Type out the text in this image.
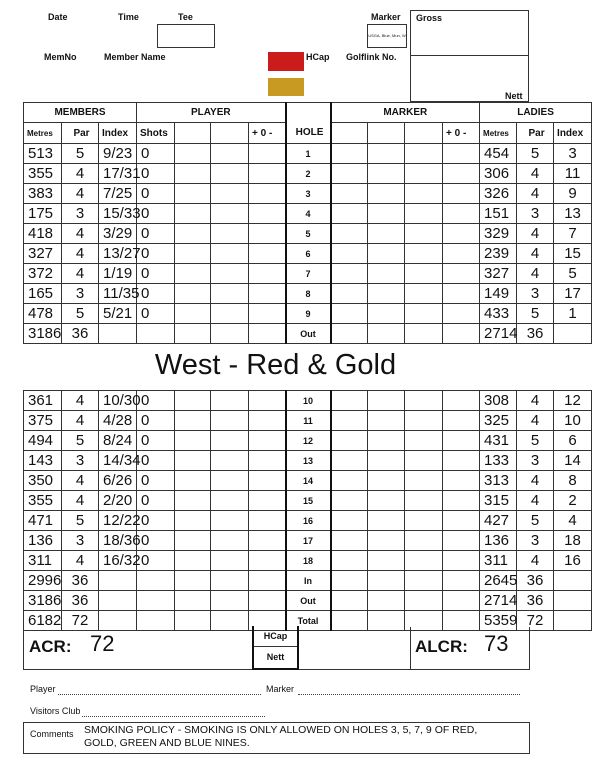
Date	Time	Tee	Marker
USGA, Blue, Mun, W
Gross
Nett
MemNo	Member Name	HCap Golflink No.
MEMBERS			PLAYER					MARKER				LADIES		
Metres	Par	Index	Shots			+ 0 -	HOLE				+ 0 -	Metres	Par	Index
513	5	9/23	0				1					454	5	3
355	4	17/31	0				2					306	4	11
383	4	7/25	0				3					326	4	9
175	3	15/33	0				4					151	3	13
418	4	3/29	0				5					329	4	7
327	4	13/27	0				6					239	4	15
372	4	1/19	0				7					327	4	5
165	3	11/35	0				8					149	3	17
478	5	5/21	0				9					433	5	1
3186	36						Out					2714	36	
West - Red & Gold
361	4	10/30	0				10					308	4	12
375	4	4/28	0				11					325	4	10
494	5	8/24	0				12					431	5	6
143	3	14/34	0				13					133	3	14
350	4	6/26	0				14					313	4	8
355	4	2/20	0				15					315	4	2
471	5	12/22	0				16					427	5	4
136	3	18/36	0				17					136	3	18
311	4	16/32	0				18					311	4	16
2996	36						In					2645	36	
3186	36						Out					2714	36	
6182	72						Total					5359	72	
ACR: 72	HCap
Nett
ALCR: 73
Player	Marker
Visitors Club
Comments SMOKING POLICY - SMOKING IS ONLY ALLOWED ON HOLES 3, 5, 7, 9 OF RED, GOLD, GREEN AND BLUE NINES.
